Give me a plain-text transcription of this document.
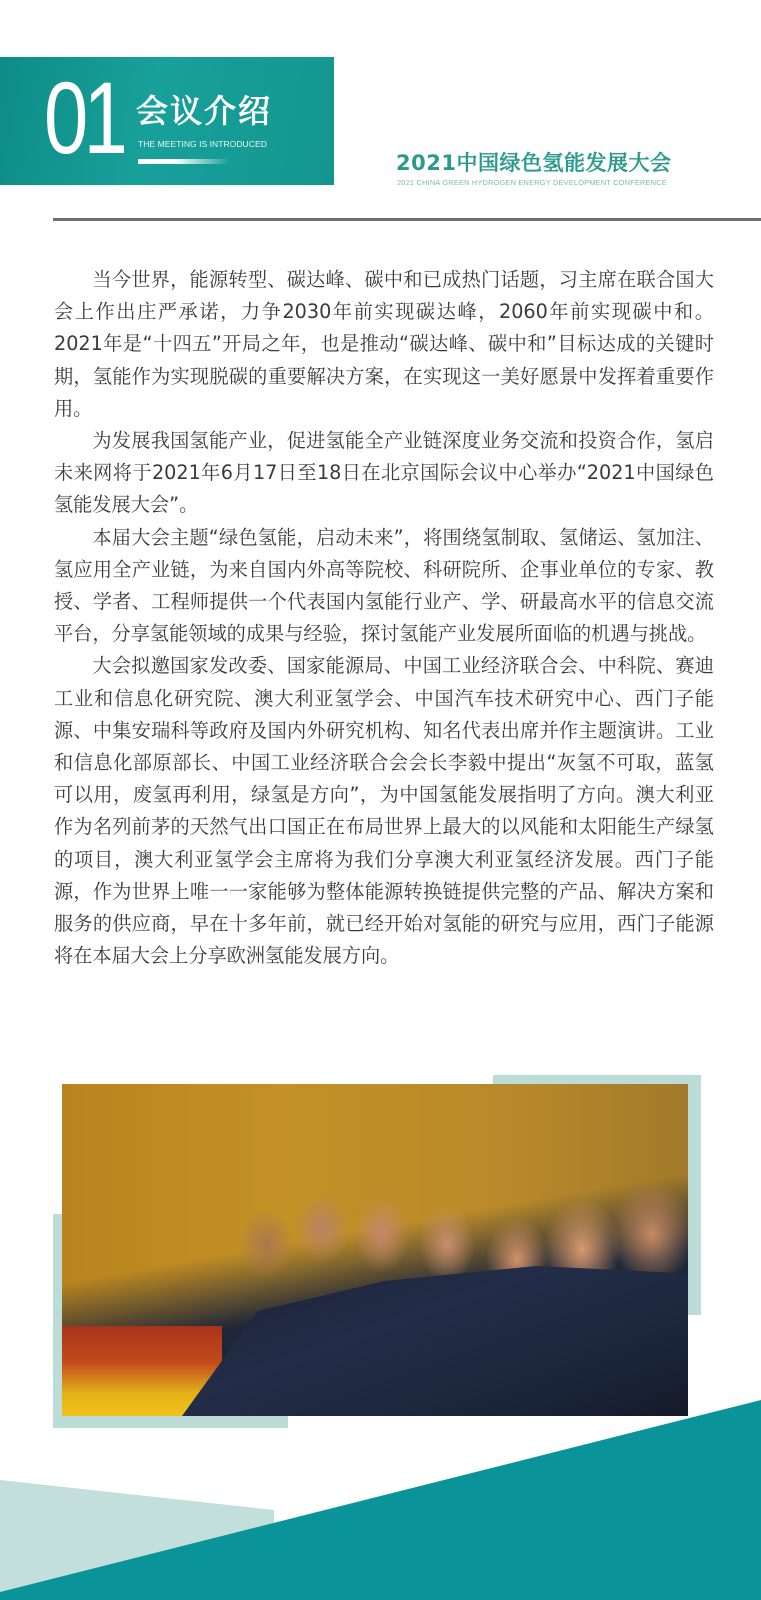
01 会议介绍
THE MEETING IS INTRODUCED
2021中国绿色氢能发展大会
2021 CHINA GREEN HYDROGEN ENERGY DEVELOPMENT CONFERENCE

当今世界，能源转型、碳达峰、碳中和已成热门话题，习主席在联合国大会上作出庄严承诺，力争2030年前实现碳达峰，2060年前实现碳中和。2021年是“十四五”开局之年，也是推动“碳达峰、碳中和”目标达成的关键时期，氢能作为实现脱碳的重要解决方案，在实现这一美好愿景中发挥着重要作用。

为发展我国氢能产业，促进氢能全产业链深度业务交流和投资合作，氢启未来网将于2021年6月17日至18日在北京国际会议中心举办“2021中国绿色氢能发展大会”。

本届大会主题“绿色氢能，启动未来”，将围绕氢制取、氢储运、氢加注、氢应用全产业链，为来自国内外高等院校、科研院所、企事业单位的专家、教授、学者、工程师提供一个代表国内氢能行业产、学、研最高水平的信息交流平台，分享氢能领域的成果与经验，探讨氢能产业发展所面临的机遇与挑战。

大会拟邀国家发改委、国家能源局、中国工业经济联合会、中科院、赛迪工业和信息化研究院、澳大利亚氢学会、中国汽车技术研究中心、西门子能源、中集安瑞科等政府及国内外研究机构、知名代表出席并作主题演讲。工业和信息化部原部长、中国工业经济联合会会长李毅中提出“灰氢不可取，蓝氢可以用，废氢再利用，绿氢是方向”，为中国氢能发展指明了方向。澳大利亚作为名列前茅的天然气出口国正在布局世界上最大的以风能和太阳能生产绿氢的项目，澳大利亚氢学会主席将为我们分享澳大利亚氢经济发展。西门子能源，作为世界上唯一一家能够为整体能源转换链提供完整的产品、解决方案和服务的供应商，早在十多年前，就已经开始对氢能的研究与应用，西门子能源将在本届大会上分享欧洲氢能发展方向。
